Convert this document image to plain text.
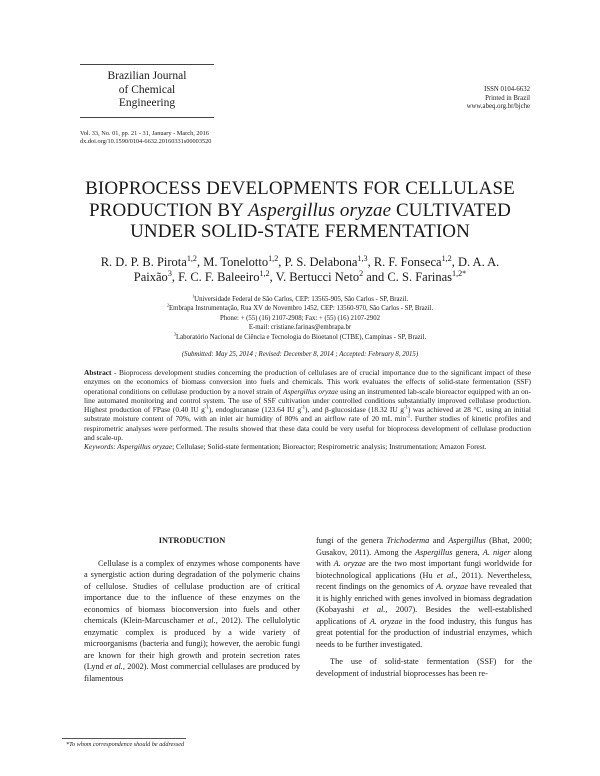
Brazilian Journal
of Chemical
Engineering
ISSN 0104-6632
Printed in Brazil
www.abeq.org.br/bjche
Vol. 33, No. 01, pp. 21 - 31, January - March, 2016
dx.doi.org/10.1590/0104-6632.20160331s00003520
BIOPROCESS DEVELOPMENTS FOR CELLULASE
PRODUCTION BY Aspergillus oryzae CULTIVATED
UNDER SOLID-STATE FERMENTATION
R. D. P. B. Pirota$^{1,2}$, M. Tonelotto$^{1,2}$, P. S. Delabona$^{1,3}$, R. F. Fonseca$^{1,2}$, D. A. A.
Paixão$^3$, F. C. F. Baleeiro$^{1,2}$, V. Bertucci Neto$^2$ and C. S. Farinas$^{1,2*}$
$^1$Universidade Federal de São Carlos, CEP: 13565-905, São Carlos - SP, Brazil.
$^2$Embrapa Instrumentação, Rua XV de Novembro 1452, CEP: 13560-970, São Carlos - SP, Brazil.
Phone: + (55) (16) 2107-2908; Fax: + (55) (16) 2107-2902
E-mail: cristiane.farinas@embrapa.br
$^3$Laboratório Nacional de Ciência e Tecnologia do Bioetanol (CTBE), Campinas - SP, Brazil.
(Submitted: May 25, 2014 ; Revised: December 8, 2014 ; Accepted: February 8, 2015)
Abstract - Bioprocess development studies concerning the production of cellulases are of crucial importance due to the significant impact of these enzymes on the economics of biomass conversion into fuels and chemicals. This work evaluates the effects of solid-state fermentation (SSF) operational conditions on cellulase production by a novel strain of Aspergillus oryzae using an instrumented lab-scale bioreactor equipped with an on-line automated monitoring and control system. The use of SSF cultivation under controlled conditions substantially improved cellulase production. Highest production of FPase (0.40 IU $g^{-1}$), endoglucanase (123.64 IU $g^{-1}$), and β-glucosidase (18.32 IU $g^{-1}$) was achieved at 28 °C, using an initial substrate moisture content of 70%, with an inlet air humidity of 80% and an airflow rate of 20 mL $\min^{-1}$. Further studies of kinetic profiles and respirometric analyses were performed. The results showed that these data could be very useful for bioprocess development of cellulase production and scale-up.
Keywords: Aspergillus oryzae; Cellulase; Solid-state fermentation; Bioreactor; Respirometric analysis; Instrumentation; Amazon Forest.
INTRODUCTION
Cellulase is a complex of enzymes whose components have a synergistic action during degradation of the polymeric chains of cellulose. Studies of cellulase production are of critical importance due to the influence of these enzymes on the economics of biomass bioconversion into fuels and other chemicals (Klein-Marcuschamer et al., 2012). The cellulolytic enzymatic complex is produced by a wide variety of microorganisms (bacteria and fungi); however, the aerobic fungi are known for their high growth and protein secretion rates (Lynd et al., 2002). Most commercial cellulases are produced by filamentous
fungi of the genera Trichoderma and Aspergillus (Bhat, 2000; Gusakov, 2011). Among the Aspergillus genera, A. niger along with A. oryzae are the two most important fungi worldwide for biotechnological applications (Hu et al., 2011). Nevertheless, recent findings on the genomics of A. oryzae have revealed that it is highly enriched with genes involved in biomass degradation (Kobayashi et al., 2007). Besides the well-established applications of A. oryzae in the food industry, this fungus has great potential for the production of industrial enzymes, which needs to be further investigated.
The use of solid-state fermentation (SSF) for the development of industrial bioprocesses has been re-
*To whom correspondence should be addressed
